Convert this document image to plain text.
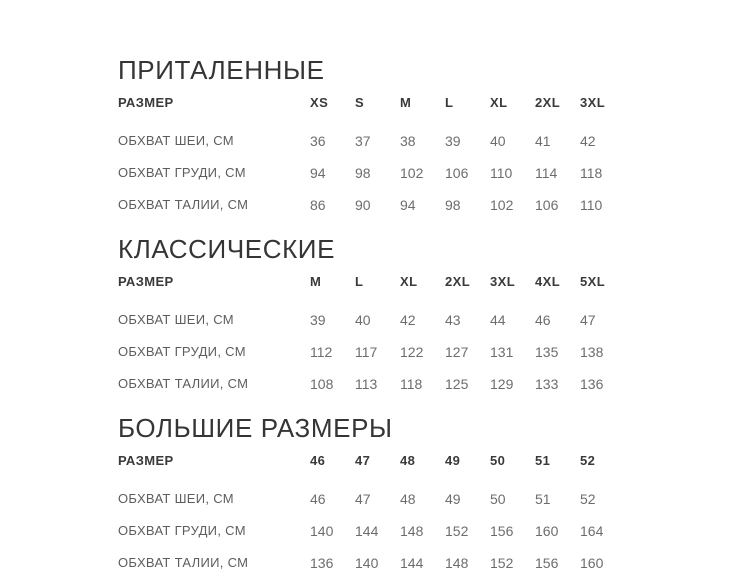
ПРИТАЛЕННЫЕ
РАЗМЕР	XS	S	M	L	XL	2XL	3XL
ОБХВАТ ШЕИ, СМ	36	37	38	39	40	41	42
ОБХВАТ ГРУДИ, СМ	94	98	102	106	110	114	118
ОБХВАТ ТАЛИИ, СМ	86	90	94	98	102	106	110
КЛАССИЧЕСКИЕ
РАЗМЕР	M	L	XL	2XL	3XL	4XL	5XL
ОБХВАТ ШЕИ, СМ	39	40	42	43	44	46	47
ОБХВАТ ГРУДИ, СМ	112	117	122	127	131	135	138
ОБХВАТ ТАЛИИ, СМ	108	113	118	125	129	133	136
БОЛЬШИЕ РАЗМЕРЫ
РАЗМЕР	46	47	48	49	50	51	52
ОБХВАТ ШЕИ, СМ	46	47	48	49	50	51	52
ОБХВАТ ГРУДИ, СМ	140	144	148	152	156	160	164
ОБХВАТ ТАЛИИ, СМ	136	140	144	148	152	156	160
